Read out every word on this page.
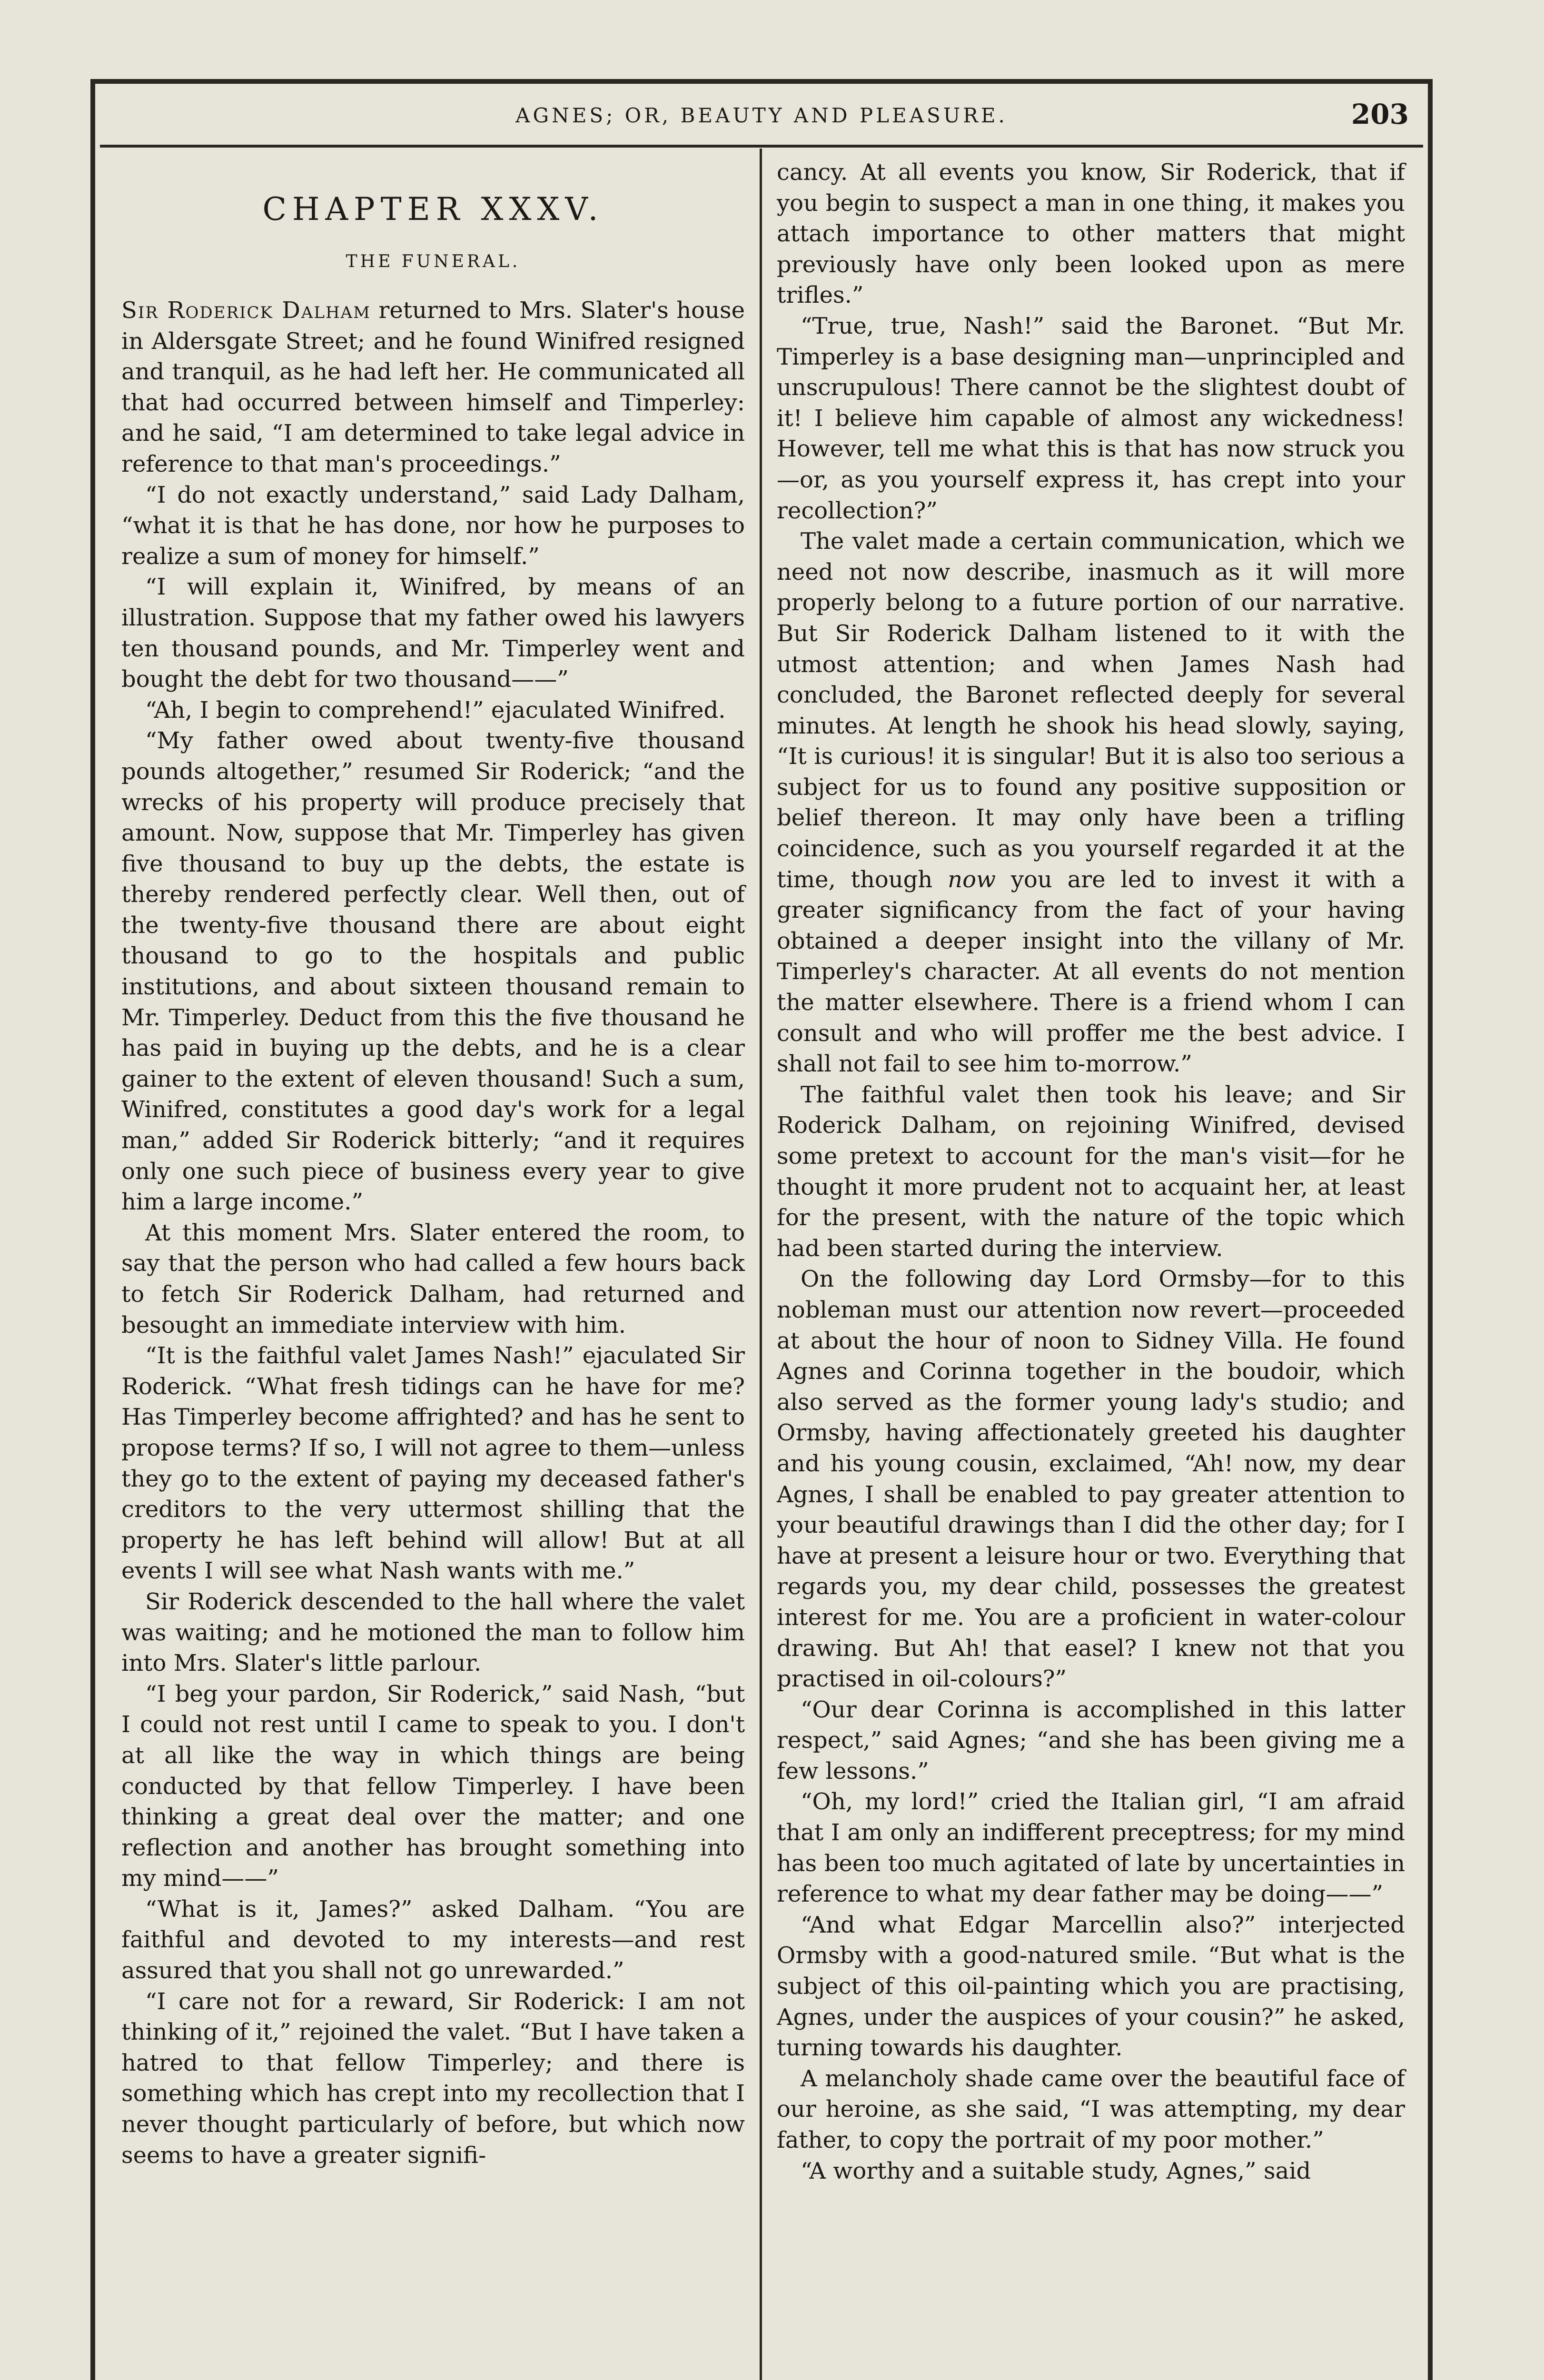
AGNES; OR, BEAUTY AND PLEASURE.	203
CHAPTER XXXV.
THE FUNERAL.

Sir Roderick Dalham returned to Mrs. Slater's house in Aldersgate Street; and he found Winifred resigned and tranquil, as he had left her. He communicated all that had occurred between himself and Timperley: and he said, “I am determined to take legal advice in reference to that man's proceedings.”

“I do not exactly understand,” said Lady Dalham, “what it is that he has done, nor how he purposes to realize a sum of money for himself.”

“I will explain it, Winifred, by means of an illustration. Suppose that my father owed his lawyers ten thousand pounds, and Mr. Timperley went and bought the debt for two thousand——”

“Ah, I begin to comprehend!” ejaculated Winifred.

“My father owed about twenty-five thousand pounds altogether,” resumed Sir Roderick; “and the wrecks of his property will produce precisely that amount. Now, suppose that Mr. Timperley has given five thousand to buy up the debts, the estate is thereby rendered perfectly clear. Well then, out of the twenty-five thousand there are about eight thousand to go to the hospitals and public institutions, and about sixteen thousand remain to Mr. Timperley. Deduct from this the five thousand he has paid in buying up the debts, and he is a clear gainer to the extent of eleven thousand! Such a sum, Winifred, constitutes a good day's work for a legal man,” added Sir Roderick bitterly; “and it requires only one such piece of business every year to give him a large income.”

At this moment Mrs. Slater entered the room, to say that the person who had called a few hours back to fetch Sir Roderick Dalham, had returned and besought an immediate interview with him.

“It is the faithful valet James Nash!” ejaculated Sir Roderick. “What fresh tidings can he have for me? Has Timperley become affrighted? and has he sent to propose terms? If so, I will not agree to them—unless they go to the extent of paying my deceased father's creditors to the very uttermost shilling that the property he has left behind will allow! But at all events I will see what Nash wants with me.”

Sir Roderick descended to the hall where the valet was waiting; and he motioned the man to follow him into Mrs. Slater's little parlour.

“I beg your pardon, Sir Roderick,” said Nash, “but I could not rest until I came to speak to you. I don't at all like the way in which things are being conducted by that fellow Timperley. I have been thinking a great deal over the matter; and one reflection and another has brought something into my mind——”

“What is it, James?” asked Dalham. “You are faithful and devoted to my interests—and rest assured that you shall not go unrewarded.”

“I care not for a reward, Sir Roderick: I am not thinking of it,” rejoined the valet. “But I have taken a hatred to that fellow Timperley; and there is something which has crept into my recollection that I never thought particularly of before, but which now seems to have a greater signifi-

cancy. At all events you know, Sir Roderick, that if you begin to suspect a man in one thing, it makes you attach importance to other matters that might previously have only been looked upon as mere trifles.”

“True, true, Nash!” said the Baronet. “But Mr. Timperley is a base designing man—unprincipled and unscrupulous! There cannot be the slightest doubt of it! I believe him capable of almost any wickedness! However, tell me what this is that has now struck you—or, as you yourself express it, has crept into your recollection?”

The valet made a certain communication, which we need not now describe, inasmuch as it will more properly belong to a future portion of our narrative. But Sir Roderick Dalham listened to it with the utmost attention; and when James Nash had concluded, the Baronet reflected deeply for several minutes. At length he shook his head slowly, saying, “It is curious! it is singular! But it is also too serious a subject for us to found any positive supposition or belief thereon. It may only have been a trifling coincidence, such as you yourself regarded it at the time, though now you are led to invest it with a greater significancy from the fact of your having obtained a deeper insight into the villany of Mr. Timperley's character. At all events do not mention the matter elsewhere. There is a friend whom I can consult and who will proffer me the best advice. I shall not fail to see him to-morrow.”

The faithful valet then took his leave; and Sir Roderick Dalham, on rejoining Winifred, devised some pretext to account for the man's visit—for he thought it more prudent not to acquaint her, at least for the present, with the nature of the topic which had been started during the interview.

On the following day Lord Ormsby—for to this nobleman must our attention now revert—proceeded at about the hour of noon to Sidney Villa. He found Agnes and Corinna together in the boudoir, which also served as the former young lady's studio; and Ormsby, having affectionately greeted his daughter and his young cousin, exclaimed, “Ah! now, my dear Agnes, I shall be enabled to pay greater attention to your beautiful drawings than I did the other day; for I have at present a leisure hour or two. Everything that regards you, my dear child, possesses the greatest interest for me. You are a proficient in water-colour drawing. But Ah! that easel? I knew not that you practised in oil-colours?”

“Our dear Corinna is accomplished in this latter respect,” said Agnes; “and she has been giving me a few lessons.”

“Oh, my lord!” cried the Italian girl, “I am afraid that I am only an indifferent preceptress; for my mind has been too much agitated of late by uncertainties in reference to what my dear father may be doing——”

“And what Edgar Marcellin also?” interjected Ormsby with a good-natured smile. “But what is the subject of this oil-painting which you are practising, Agnes, under the auspices of your cousin?” he asked, turning towards his daughter.

A melancholy shade came over the beautiful face of our heroine, as she said, “I was attempting, my dear father, to copy the portrait of my poor mother.”

“A worthy and a suitable study, Agnes,” said
